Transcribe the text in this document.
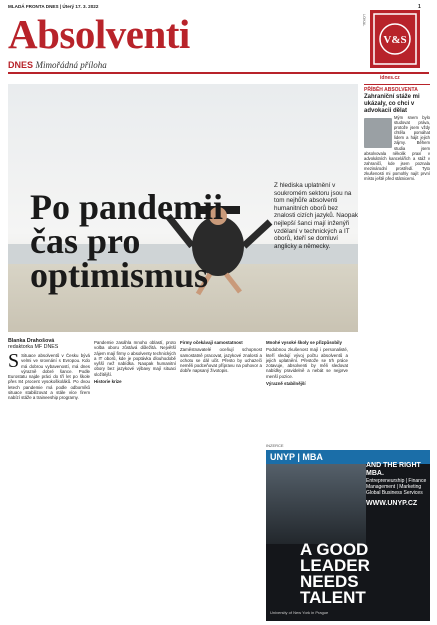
MLADÁ FRONTA DNES | Úterý 17. 3. 2022	1
Absolventi
DNES Mimořádná příloha
V&S
LOKAL
idnes.cz
Po pandemii
čas pro
optimismus
Z hlediska uplatnění v soukromém sektoru jsou na tom nejhůře absolventi humanitních oborů bez znalosti cizích jazyků. Naopak nejlepší šanci mají inženýři vzdělaní v technických a IT oborů, kteří se domluví anglicky a německy.
Blanka Drahošová
redaktorka MF DNES
S Situace absolventů v Česku bývá velmi ve srovnání s Evropou. Kdo má dobrou vybaveností, má dnes výrazně dobré šance. Podle Eurostatu najde práci do tří let po škole přes 84 procent vysokoškoláků. Po dvou letech pandemie má podle odborníků situace stabilizovat a stále více firem nabízí stáže a traineeship programy.

Pandemie zasáhla mnoho oblastí, proto volba oboru zůstává důležitá. Největší zájem mají firmy o absolventy technických a IT oborů, kde je poptávka dlouhodobě vyšší než nabídka. Naopak humanitní obory bez jazykové výbavy mají situaci složitější.

Historie krize

Firmy očekávají samostatnost

Zaměstnavatelé oceňují schopnost samostatně pracovat, jazykové znalosti a ochotu se dál učit. Přesto by uchazeči neměli podceňovat přípravu na pohovor a dobře napsaný životopis.

Mnohé vysoké školy se přizpůsobily

Podobnou zkušenost mají i personalisté, kteří sledují vývoj počtu absolventů a jejich uplatnění. Přestože se trh práce zotavuje, absolventi by měli sledovat nabídky pravidelně a nebát se nejprve menší pozice.

Výrazně stabilnější

PŘÍBĚH ABSOLVENTA
Zahraniční stáže mi ukázaly, co chci v advokacii dělat
Mým snem bylo studovat práva, protože jsem vždy chtěla pomáhat lidem a hájit jejich zájmy. Během studia jsem absolvovala několik praxí v advokátních kancelářích a stáž v zahraničí, kde jsem poznala mezinárodní prostředí. Tyto zkušenosti mi pomohly najít první místo ještě před státnicemi.
INZERCE
UNYP | MBA
AND THE RIGHT MBA.
Entrepreneurship | Finance Management | Marketing Global Business Services
WWW.UNYP.CZ
A GOOD
LEADER
NEEDS
TALENT
University of New York in Prague
